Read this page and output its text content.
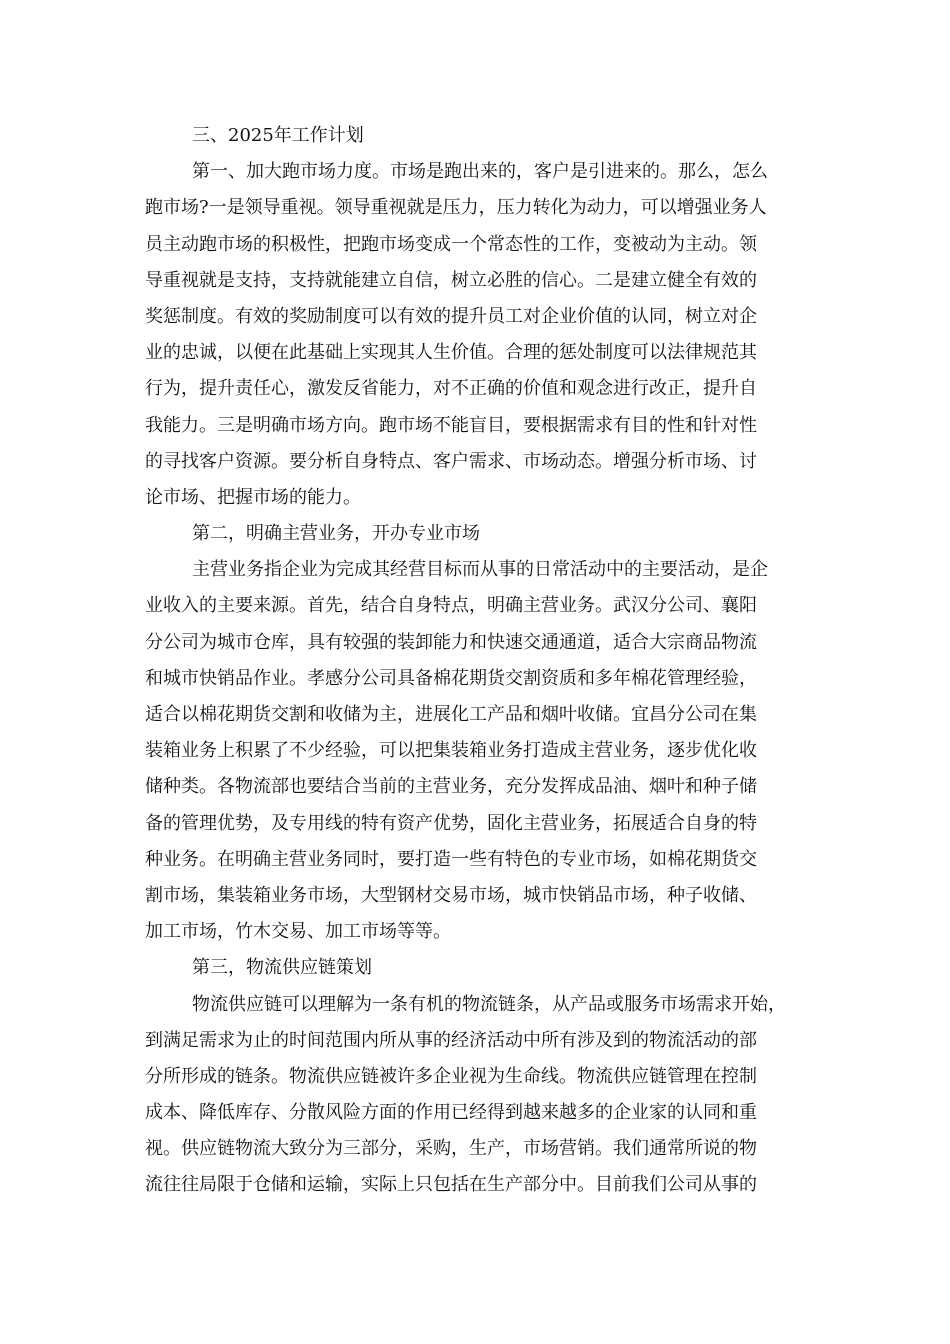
三、2025年工作计划
第一、加大跑市场力度。市场是跑出来的，客户是引进来的。那么，怎么
跑市场?一是领导重视。领导重视就是压力，压力转化为动力，可以增强业务人
员主动跑市场的积极性，把跑市场变成一个常态性的工作，变被动为主动。领
导重视就是支持，支持就能建立自信，树立必胜的信心。二是建立健全有效的
奖惩制度。有效的奖励制度可以有效的提升员工对企业价值的认同，树立对企
业的忠诚，以便在此基础上实现其人生价值。合理的惩处制度可以法律规范其
行为，提升责任心，激发反省能力，对不正确的价值和观念进行改正，提升自
我能力。三是明确市场方向。跑市场不能盲目，要根据需求有目的性和针对性
的寻找客户资源。要分析自身特点、客户需求、市场动态。增强分析市场、讨
论市场、把握市场的能力。
第二，明确主营业务，开办专业市场
主营业务指企业为完成其经营目标而从事的日常活动中的主要活动，是企
业收入的主要来源。首先，结合自身特点，明确主营业务。武汉分公司、襄阳
分公司为城市仓库，具有较强的装卸能力和快速交通通道，适合大宗商品物流
和城市快销品作业。孝感分公司具备棉花期货交割资质和多年棉花管理经验，
适合以棉花期货交割和收储为主，进展化工产品和烟叶收储。宜昌分公司在集
装箱业务上积累了不少经验，可以把集装箱业务打造成主营业务，逐步优化收
储种类。各物流部也要结合当前的主营业务，充分发挥成品油、烟叶和种子储
备的管理优势，及专用线的特有资产优势，固化主营业务，拓展适合自身的特
种业务。在明确主营业务同时，要打造一些有特色的专业市场，如棉花期货交
割市场，集装箱业务市场，大型钢材交易市场，城市快销品市场，种子收储、
加工市场，竹木交易、加工市场等等。
第三，物流供应链策划
物流供应链可以理解为一条有机的物流链条，从产品或服务市场需求开始，
到满足需求为止的时间范围内所从事的经济活动中所有涉及到的物流活动的部
分所形成的链条。物流供应链被许多企业视为生命线。物流供应链管理在控制
成本、降低库存、分散风险方面的作用已经得到越来越多的企业家的认同和重
视。供应链物流大致分为三部分，采购，生产，市场营销。我们通常所说的物
流往往局限于仓储和运输，实际上只包括在生产部分中。目前我们公司从事的
